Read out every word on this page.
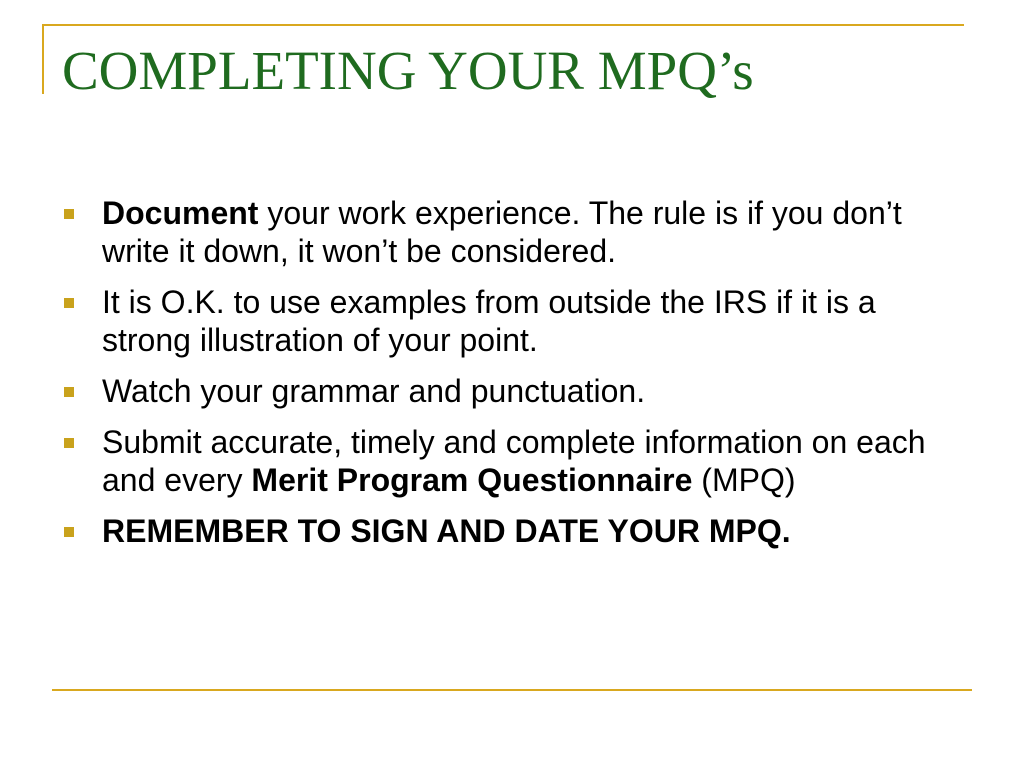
COMPLETING YOUR MPQ’s
Document your work experience. The rule is if you don’t write it down, it won’t be considered.
It is O.K. to use examples from outside the IRS if it is a strong illustration of your point.
Watch your grammar and punctuation.
Submit accurate, timely and complete information on each and every Merit Program Questionnaire (MPQ)
REMEMBER TO SIGN AND DATE YOUR MPQ.
